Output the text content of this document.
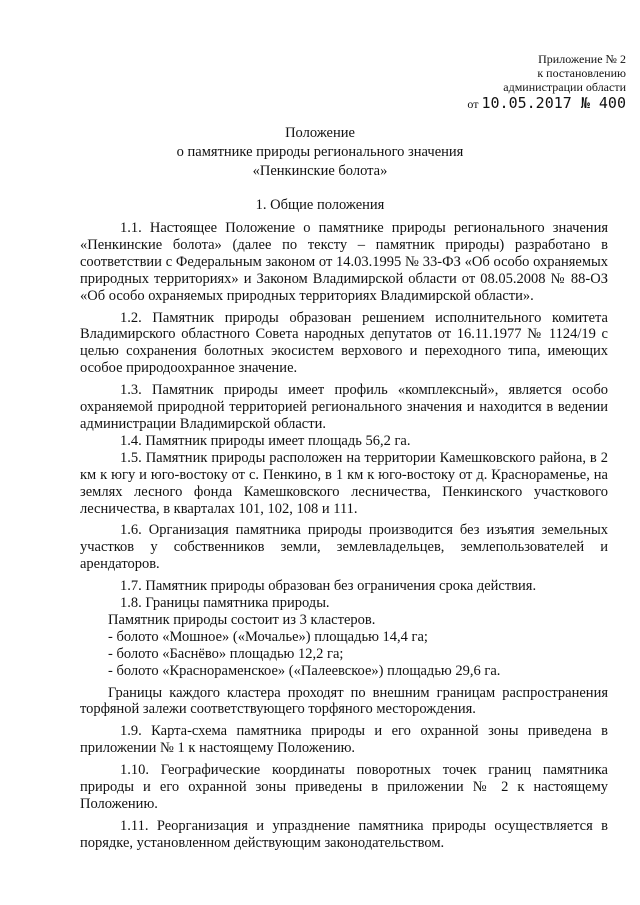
Приложение № 2
к постановлению
администрации области
от 10.05.2017 № 400
Положение
о памятнике природы регионального значения
«Пенкинские болота»
1. Общие положения

1.1. Настоящее Положение о памятнике природы регионального значения «Пенкинские болота» (далее по тексту – памятник природы) разработано в соответствии с Федеральным законом от 14.03.1995 № 33-ФЗ «Об особо охраняемых природных территориях» и Законом Владимирской области от 08.05.2008 № 88-ОЗ «Об особо охраняемых природных территориях Владимирской области».

1.2. Памятник природы образован решением исполнительного комитета Владимирского областного Совета народных депутатов от 16.11.1977 № 1124/19 с целью сохранения болотных экосистем верхового и переходного типа, имеющих особое природоохранное значение.

1.3. Памятник природы имеет профиль «комплексный», является особо охраняемой природной территорией регионального значения и находится в ведении администрации Владимирской области.

1.4. Памятник природы имеет площадь 56,2 га.

1.5. Памятник природы расположен на территории Камешковского района, в 2 км к югу и юго-востоку от с. Пенкино, в 1 км к юго-востоку от д. Краснораменье, на землях лесного фонда Камешковского лесничества, Пенкинского участкового лесничества, в кварталах 101, 102, 108 и 111.

1.6. Организация памятника природы производится без изъятия земельных участков у собственников земли, землевладельцев, землепользователей и арендаторов.

1.7. Памятник природы образован без ограничения срока действия.

1.8. Границы памятника природы.

Памятник природы состоит из 3 кластеров.

- болото «Мошное» («Мочалье») площадью 14,4 га;

- болото «Баснёво» площадью 12,2 га;

- болото «Краснораменское» («Палеевское») площадью 29,6 га.

Границы каждого кластера проходят по внешним границам распространения торфяной залежи соответствующего торфяного месторождения.

1.9. Карта-схема памятника природы и его охранной зоны приведена в приложении № 1 к настоящему Положению.

1.10. Географические координаты поворотных точек границ памятника природы и его охранной зоны приведены в приложении № 2 к настоящему Положению.

1.11. Реорганизация и упразднение памятника природы осуществляется в порядке, установленном действующим законодательством.
